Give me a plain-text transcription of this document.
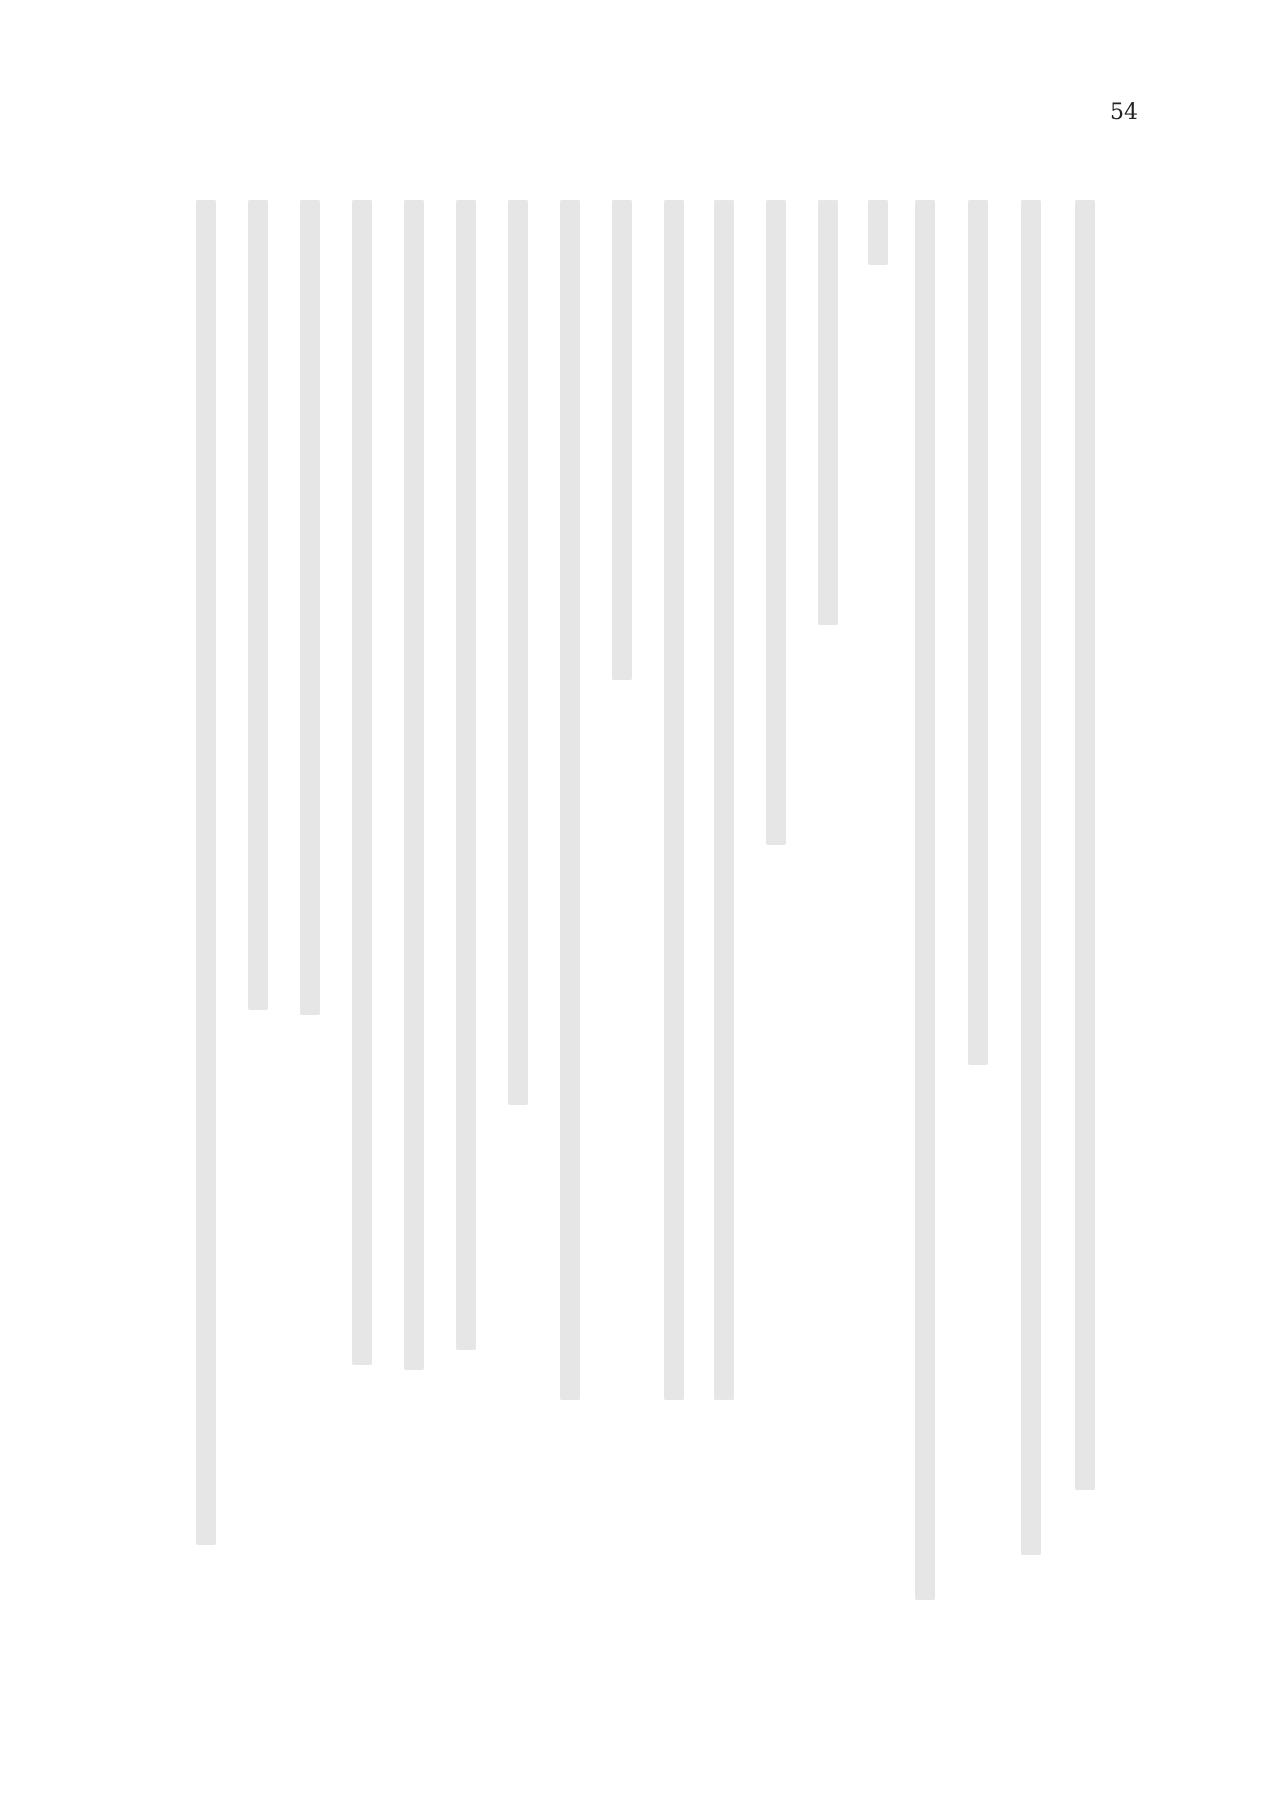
54
